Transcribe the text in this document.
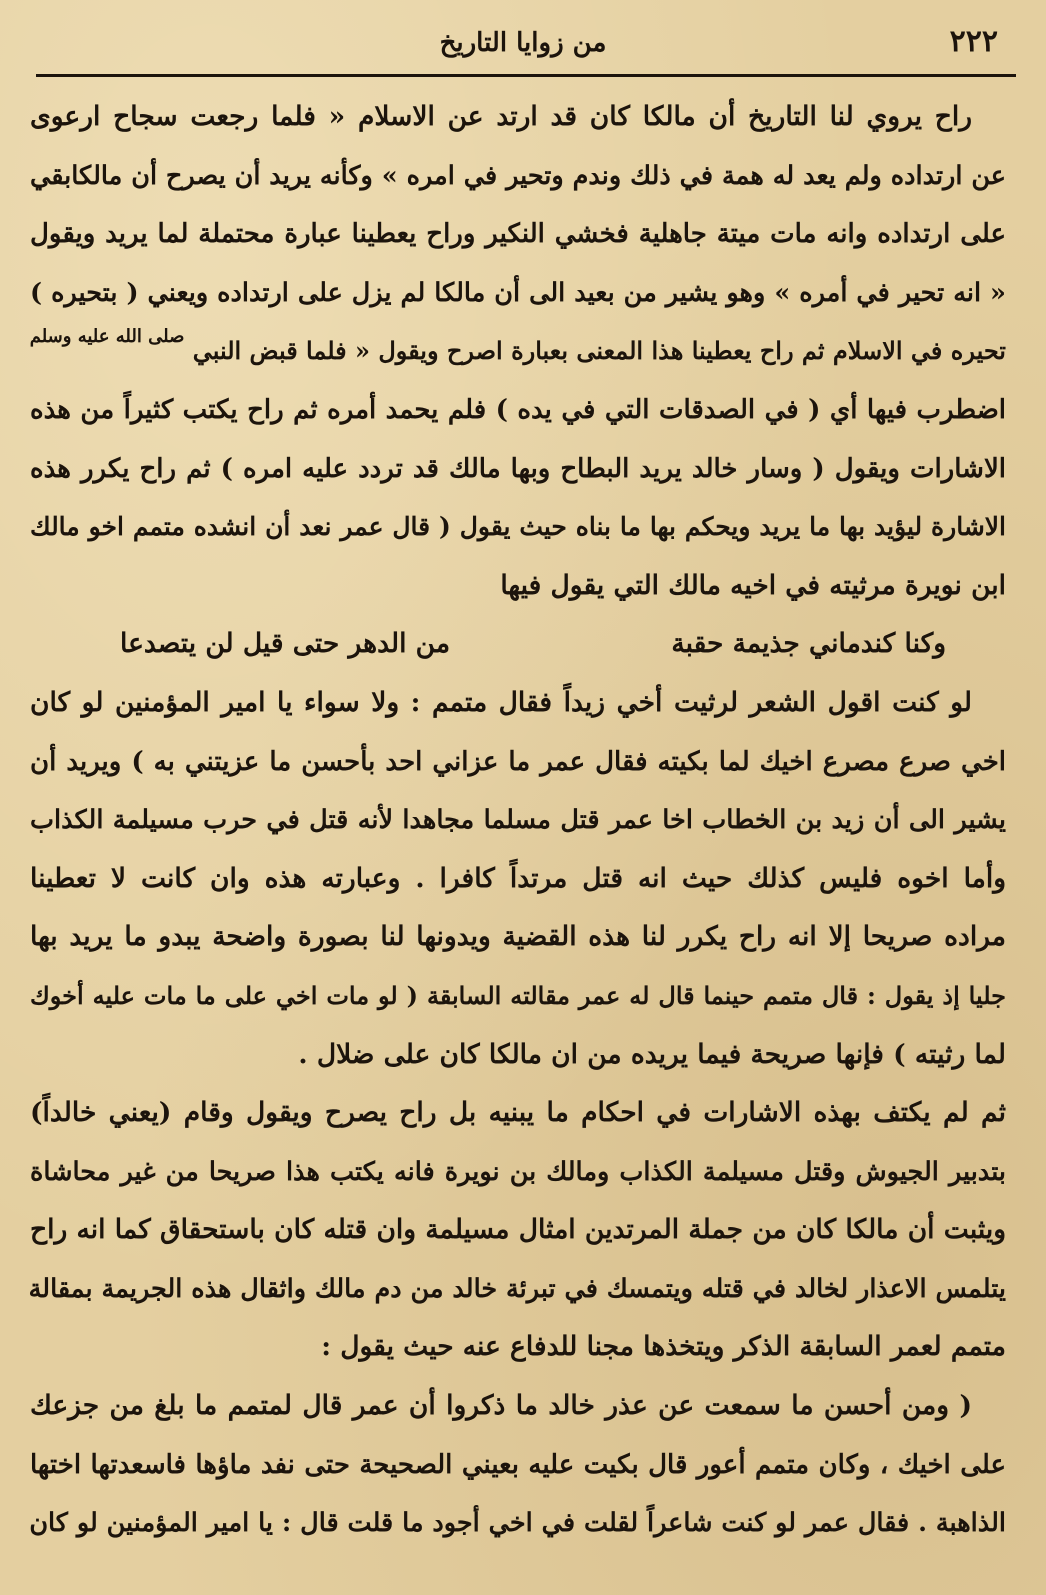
٢٢٢
من زوايا التاريخ
راح يروي لنا التاريخ أن مالكا كان قد ارتد عن الاسلام « فلما رجعت سجاح ارعوى
عن ارتداده ولم يعد له همة في ذلك وندم وتحير في امره » وكأنه يريد أن يصرح أن مالكابقي
على ارتداده وانه مات ميتة جاهلية فخشي النكير وراح يعطينا عبارة محتملة لما يريد ويقول
« انه تحير في أمره » وهو يشير من بعيد الى أن مالكا لم يزل على ارتداده ويعني ( بتحيره )
تحيره في الاسلام ثم راح يعطينا هذا المعنى بعبارة اصرح ويقول « فلما قبض النبي صلى الله عليه وسلم
اضطرب فيها أي ( في الصدقات التي في يده ) فلم يحمد أمره ثم راح يكتب كثيراً من هذه
الاشارات ويقول ( وسار خالد يريد البطاح وبها مالك قد تردد عليه امره ) ثم راح يكرر هذه
الاشارة ليؤيد بها ما يريد ويحكم بها ما بناه حيث يقول ( قال عمر نعد أن انشده متمم اخو مالك
ابن نويرة مرثيته في اخيه مالك التي يقول فيها
وكنا كندماني جذيمة حقبة
من الدهر حتى قيل لن يتصدعا
لو كنت اقول الشعر لرثيت أخي زيداً فقال متمم : ولا سواء يا امير المؤمنين لو كان
اخي صرع مصرع اخيك لما بكيته فقال عمر ما عزاني احد بأحسن ما عزيتني به ) ويريد أن
يشير الى أن زيد بن الخطاب اخا عمر قتل مسلما مجاهدا لأنه قتل في حرب مسيلمة الكذاب
وأما اخوه فليس كذلك حيث انه قتل مرتداً كافرا . وعبارته هذه وان كانت لا تعطينا
مراده صريحا إلا انه راح يكرر لنا هذه القضية ويدونها لنا بصورة واضحة يبدو ما يريد بها
جليا إذ يقول : قال متمم حينما قال له عمر مقالته السابقة ( لو مات اخي على ما مات عليه أخوك
لما رثيته ) فإنها صريحة فيما يريده من ان مالكا كان على ضلال .
ثم لم يكتف بهذه الاشارات في احكام ما يبنيه بل راح يصرح ويقول وقام (يعني خالداً)
بتدبير الجيوش وقتل مسيلمة الكذاب ومالك بن نويرة فانه يكتب هذا صريحا من غير محاشاة
ويثبت أن مالكا كان من جملة المرتدين امثال مسيلمة وان قتله كان باستحقاق كما انه راح
يتلمس الاعذار لخالد في قتله ويتمسك في تبرئة خالد من دم مالك واثقال هذه الجريمة بمقالة
متمم لعمر السابقة الذكر ويتخذها مجنا للدفاع عنه حيث يقول :
( ومن أحسن ما سمعت عن عذر خالد ما ذكروا أن عمر قال لمتمم ما بلغ من جزعك
على اخيك ، وكان متمم أعور قال بكيت عليه بعيني الصحيحة حتى نفد ماؤها فاسعدتها اختها
الذاهبة . فقال عمر لو كنت شاعراً لقلت في اخي أجود ما قلت قال : يا امير المؤمنين لو كان
